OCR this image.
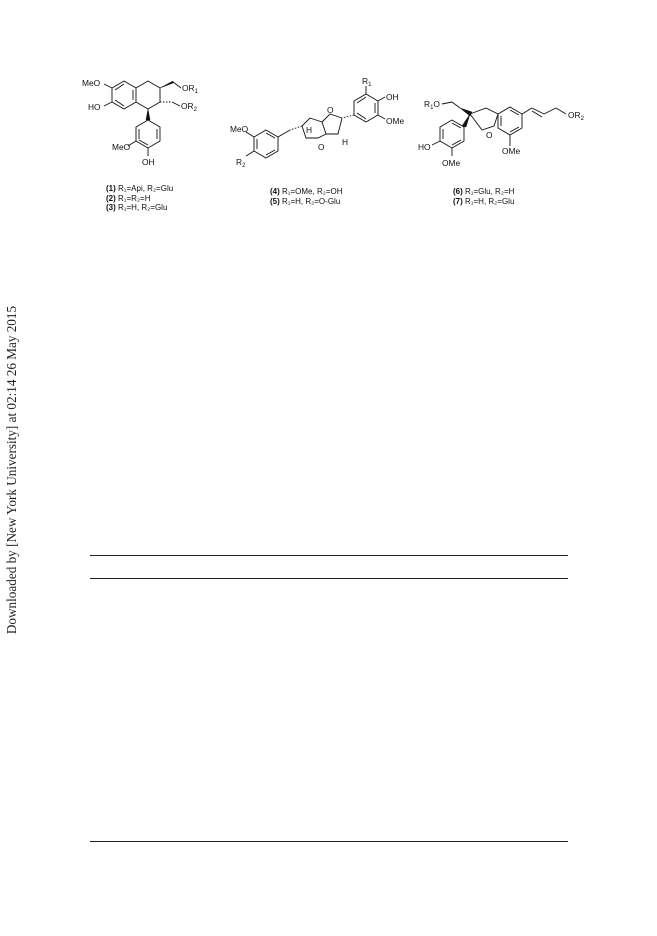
Downloaded by [New York University] at 02:14 26 May 2015
MeO
HO
$OR_1$
$OR_2$
MeO
OH
$R_1$
OH
OMe
O
H
H
O
MeO
$R_2$
$R_1O$
O
$OR_2$
HO
OMe
OMe
(1) R₁=Api, R₂=Glu
(2) R₁=R₂=H
(3) R₁=H, R₂=Glu
(4) R₁=OMe, R₂=OH
(5) R₁=H, R₂=O-Glu
(6) R₁=Glu, R₂=H
(7) R₁=H, R₂=Glu
